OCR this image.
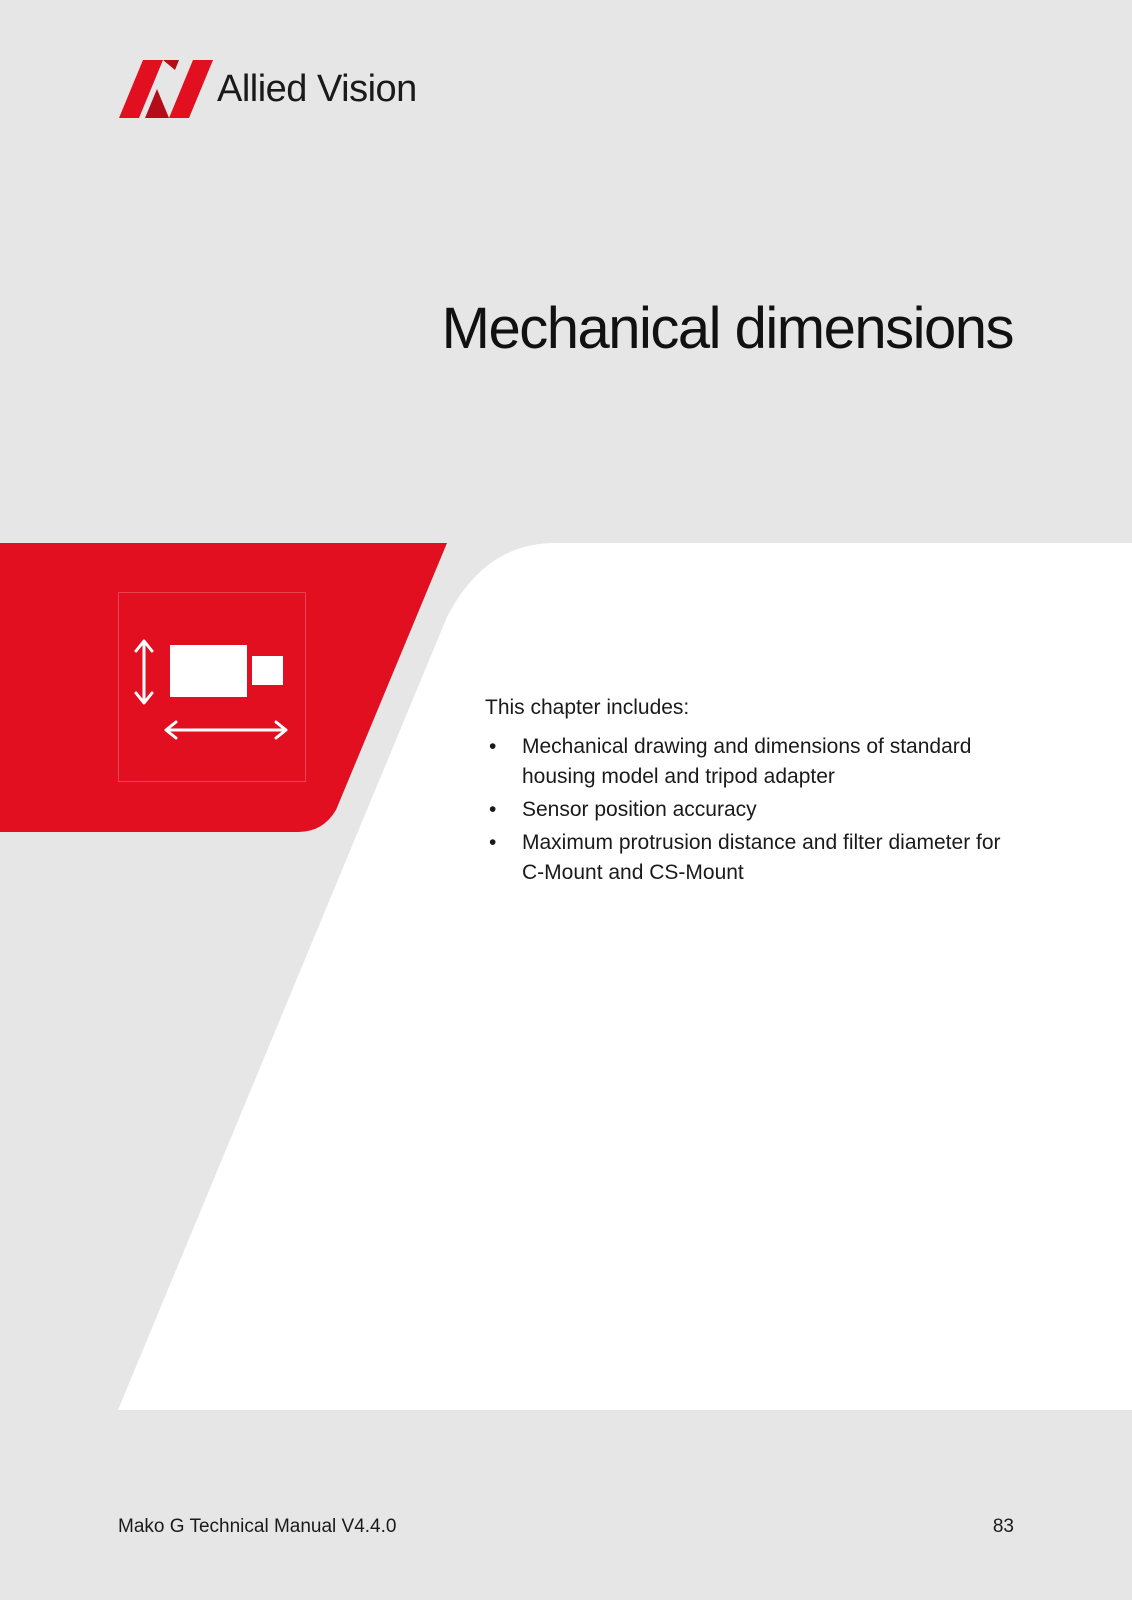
Allied Vision
Mechanical dimensions

This chapter includes:

• Mechanical drawing and dimensions of standard housing model and tripod adapter
• Sensor position accuracy
• Maximum protrusion distance and filter diameter for C-Mount and CS-Mount
Mako G Technical Manual V4.4.0	83
